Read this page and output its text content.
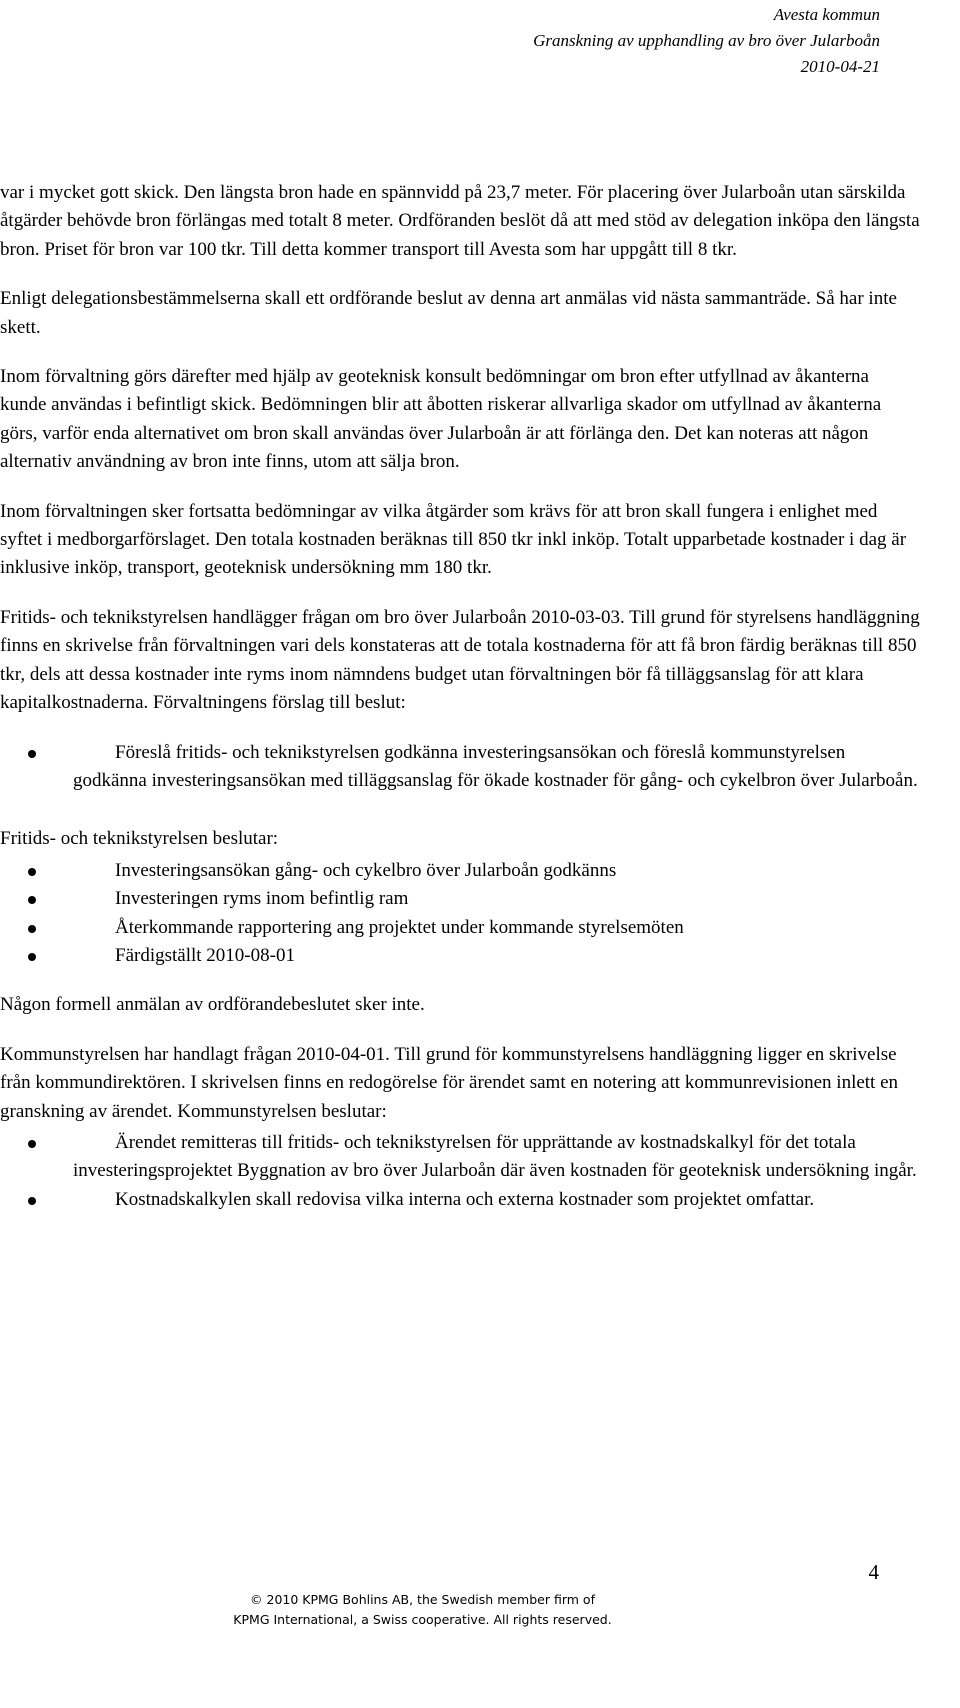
Avesta kommun
Granskning av upphandling av bro över Jularboån
2010-04-21

var i mycket gott skick. Den längsta bron hade en spännvidd på 23,7 meter. För placering över Jularboån utan särskilda åtgärder behövde bron förlängas med totalt 8 meter. Ordföranden beslöt då att med stöd av delegation inköpa den längsta bron. Priset för bron var 100 tkr. Till detta kommer transport till Avesta som har uppgått till 8 tkr.

Enligt delegationsbestämmelserna skall ett ordförande beslut av denna art anmälas vid nästa sammanträde. Så har inte skett.

Inom förvaltning görs därefter med hjälp av geoteknisk konsult bedömningar om bron efter utfyllnad av åkanterna kunde användas i befintligt skick. Bedömningen blir att åbotten riskerar allvarliga skador om utfyllnad av åkanterna görs, varför enda alternativet om bron skall användas över Jularboån är att förlänga den. Det kan noteras att någon alternativ användning av bron inte finns, utom att sälja bron.

Inom förvaltningen sker fortsatta bedömningar av vilka åtgärder som krävs för att bron skall fungera i enlighet med syftet i medborgarförslaget. Den totala kostnaden beräknas till 850 tkr inkl inköp. Totalt upparbetade kostnader i dag är inklusive inköp, transport, geoteknisk undersökning mm 180 tkr.

Fritids- och teknikstyrelsen handlägger frågan om bro över Jularboån 2010-03-03. Till grund för styrelsens handläggning finns en skrivelse från förvaltningen vari dels konstateras att de totala kostnaderna för att få bron färdig beräknas till 850 tkr, dels att dessa kostnader inte ryms inom nämndens budget utan förvaltningen bör få tilläggsanslag för att klara kapitalkostnaderna. Förvaltningens förslag till beslut:

Föreslå fritids- och teknikstyrelsen godkänna investeringsansökan och föreslå kommunstyrelsen godkänna investeringsansökan med tilläggsanslag för ökade kostnader för gång- och cykelbron över Jularboån.

Fritids- och teknikstyrelsen beslutar:

Investeringsansökan gång- och cykelbro över Jularboån godkänns
Investeringen ryms inom befintlig ram
Återkommande rapportering ang projektet under kommande styrelsemöten
Färdigställt 2010-08-01

Någon formell anmälan av ordförandebeslutet sker inte.

Kommunstyrelsen har handlagt frågan 2010-04-01. Till grund för kommunstyrelsens handläggning ligger en skrivelse från kommundirektören. I skrivelsen finns en redogörelse för ärendet samt en notering att kommunrevisionen inlett en granskning av ärendet. Kommunstyrelsen beslutar:

Ärendet remitteras till fritids- och teknikstyrelsen för upprättande av kostnadskalkyl för det totala investeringsprojektet Byggnation av bro över Jularboån där även kostnaden för geoteknisk undersökning ingår.
Kostnadskalkylen skall redovisa vilka interna och externa kostnader som projektet omfattar.
4
© 2010 KPMG Bohlins AB, the Swedish member firm of
KPMG International, a Swiss cooperative. All rights reserved.
